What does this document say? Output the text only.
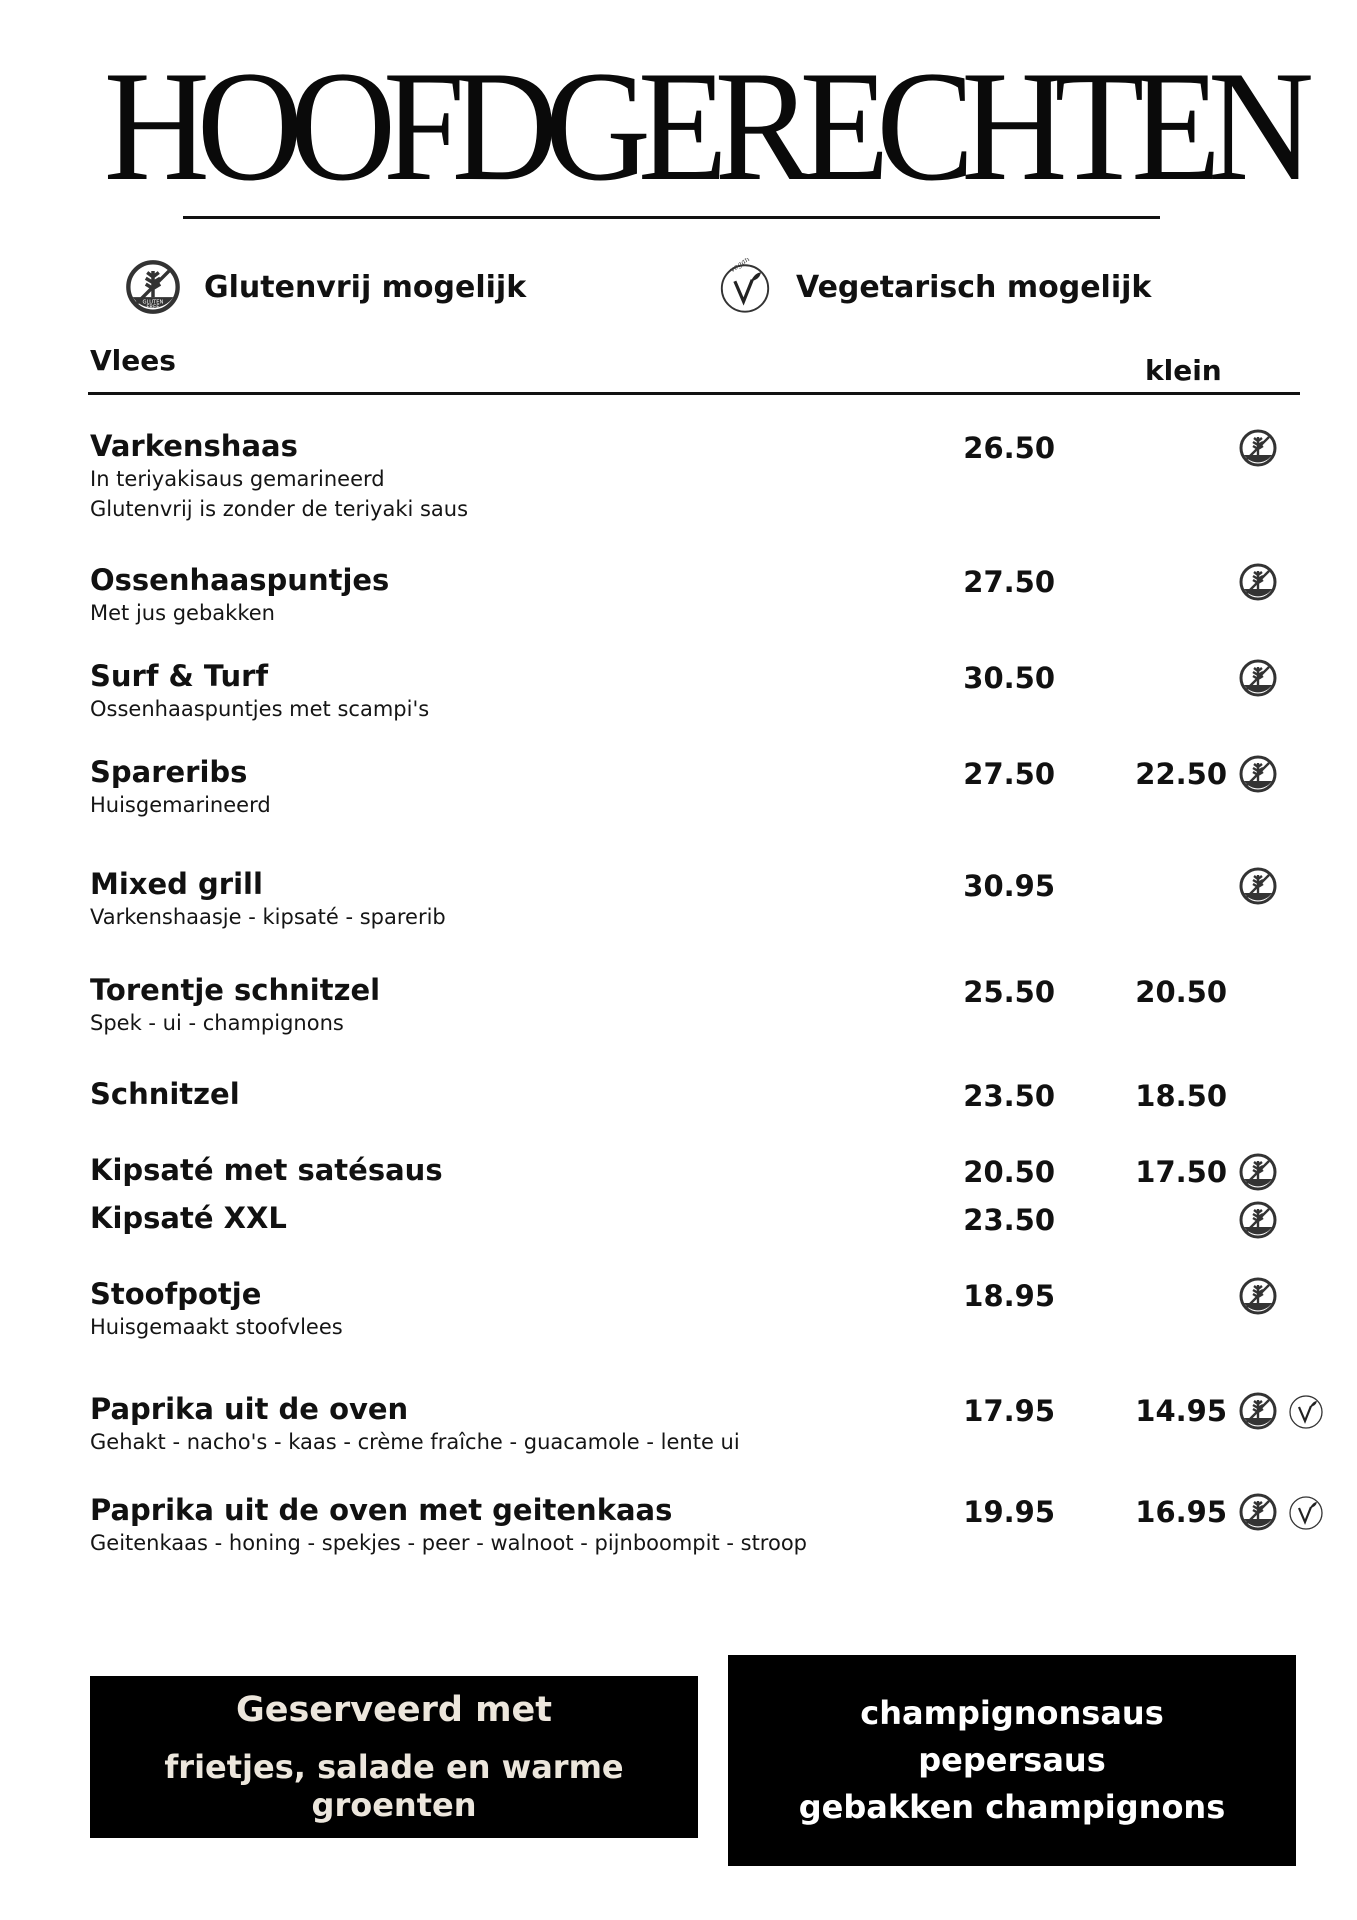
HOOFDGERECHTEN
GLUTEN
FREE
Glutenvrij mogelijk
vegan
Vegetarisch mogelijk
Vlees	klein
Varkenshaas
In teriyakisaus gemarineerd
Glutenvrij is zonder de teriyaki saus
26.50
Ossenhaaspuntjes
Met jus gebakken
27.50
Surf & Turf
Ossenhaaspuntjes met scampi's
30.50
Spareribs
Huisgemarineerd
27.50	22.50
Mixed grill
Varkenshaasje - kipsaté - sparerib
30.95
Torentje schnitzel
Spek - ui - champignons
25.50	20.50
Schnitzel	23.50	18.50
Kipsaté met satésaus	20.50	17.50
Kipsaté XXL	23.50
Stoofpotje
Huisgemaakt stoofvlees
18.95
Paprika uit de oven
Gehakt - nacho's - kaas - crème fraîche - guacamole - lente ui
17.95	14.95
Paprika uit de oven met geitenkaas
Geitenkaas - honing - spekjes - peer - walnoot - pijnboompit - stroop
19.95	16.95
Geserveerd met
frietjes, salade en warme groenten
champignonsaus
pepersaus
gebakken champignons
